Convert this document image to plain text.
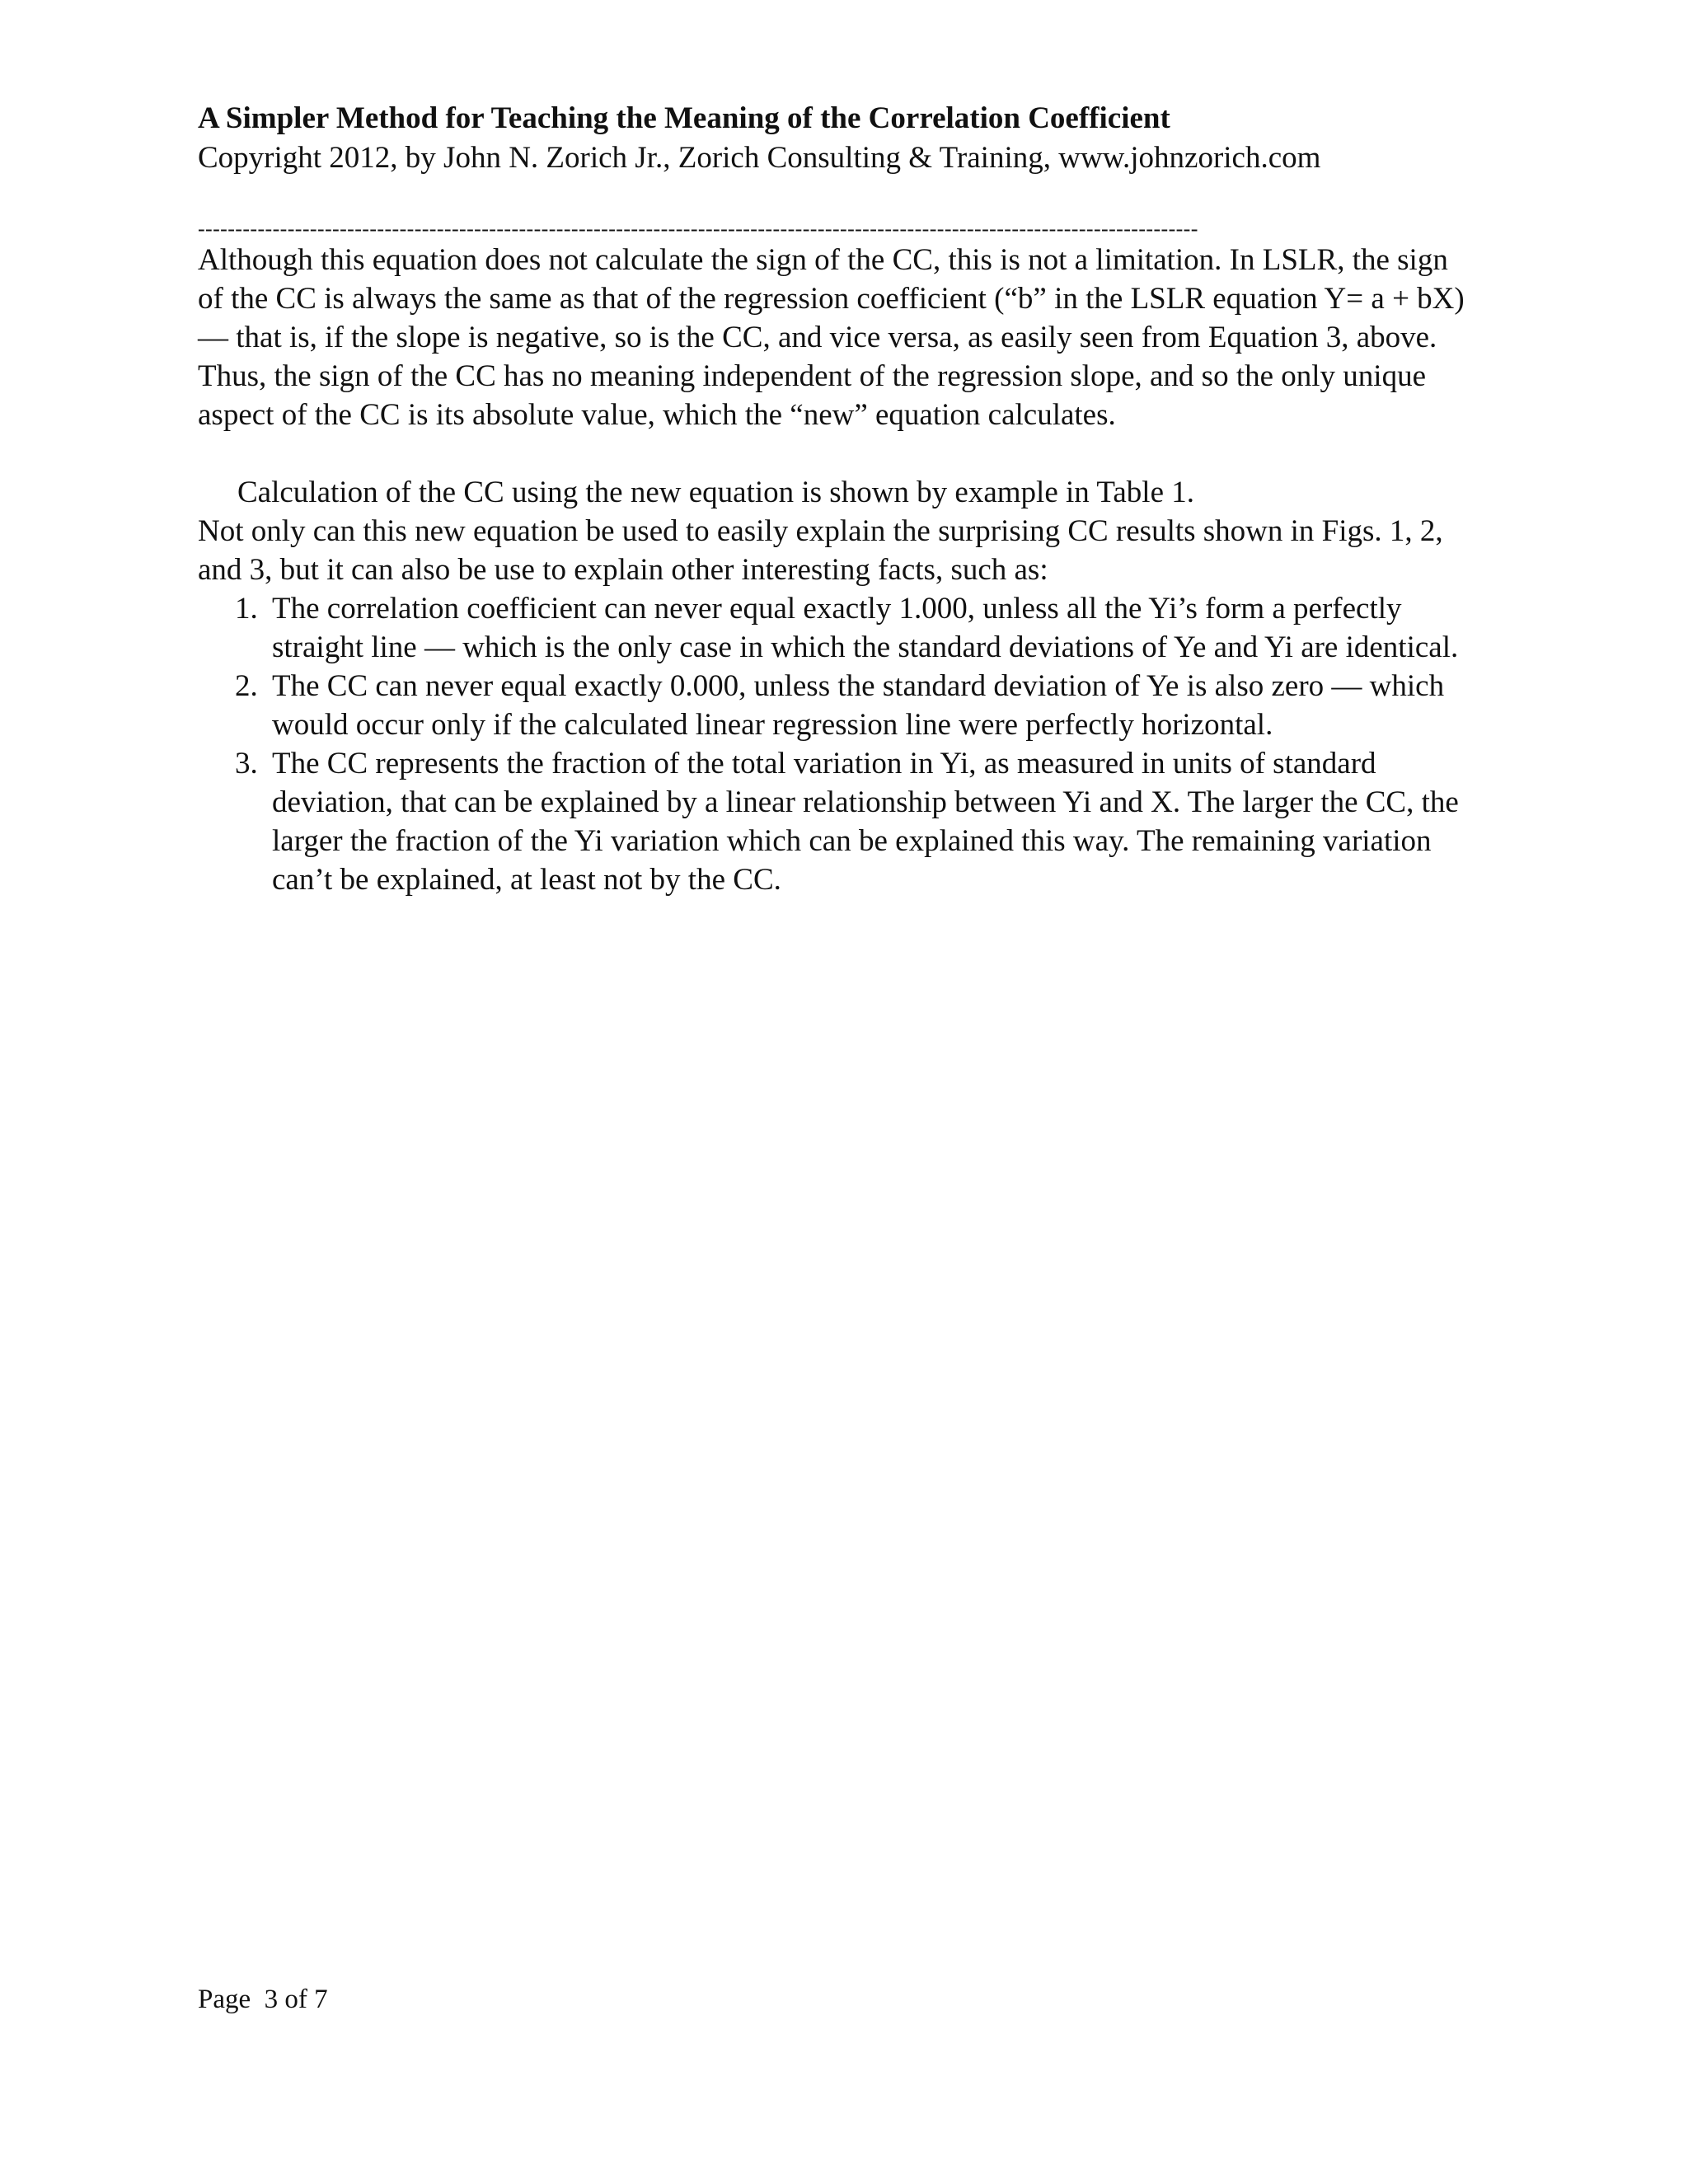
A Simpler Method for Teaching the Meaning of the Correlation Coefficient
Copyright 2012, by John N. Zorich Jr., Zorich Consulting & Training, www.johnzorich.com
--------------------------------------------------------------------------------------------------------------------------------------

Although this equation does not calculate the sign of the CC, this is not a limitation. In LSLR, the sign of the CC is always the same as that of the regression coefficient (“b” in the LSLR equation Y= a + bX) — that is, if the slope is negative, so is the CC, and vice versa, as easily seen from Equation 3, above. Thus, the sign of the CC has no meaning independent of the regression slope, and so the only unique aspect of the CC is its absolute value, which the “new” equation calculates.

Calculation of the CC using the new equation is shown by example in Table 1.
Not only can this new equation be used to easily explain the surprising CC results shown in Figs. 1, 2, and 3, but it can also be use to explain other interesting facts, such as:

1. The correlation coefficient can never equal exactly 1.000, unless all the Yi’s form a perfectly straight line — which is the only case in which the standard deviations of Ye and Yi are identical.
2. The CC can never equal exactly 0.000, unless the standard deviation of Ye is also zero — which would occur only if the calculated linear regression line were perfectly horizontal.
3. The CC represents the fraction of the total variation in Yi, as measured in units of standard deviation, that can be explained by a linear relationship between Yi and X. The larger the CC, the larger the fraction of the Yi variation which can be explained this way. The remaining variation can’t be explained, at least not by the CC.
Page  3 of 7
